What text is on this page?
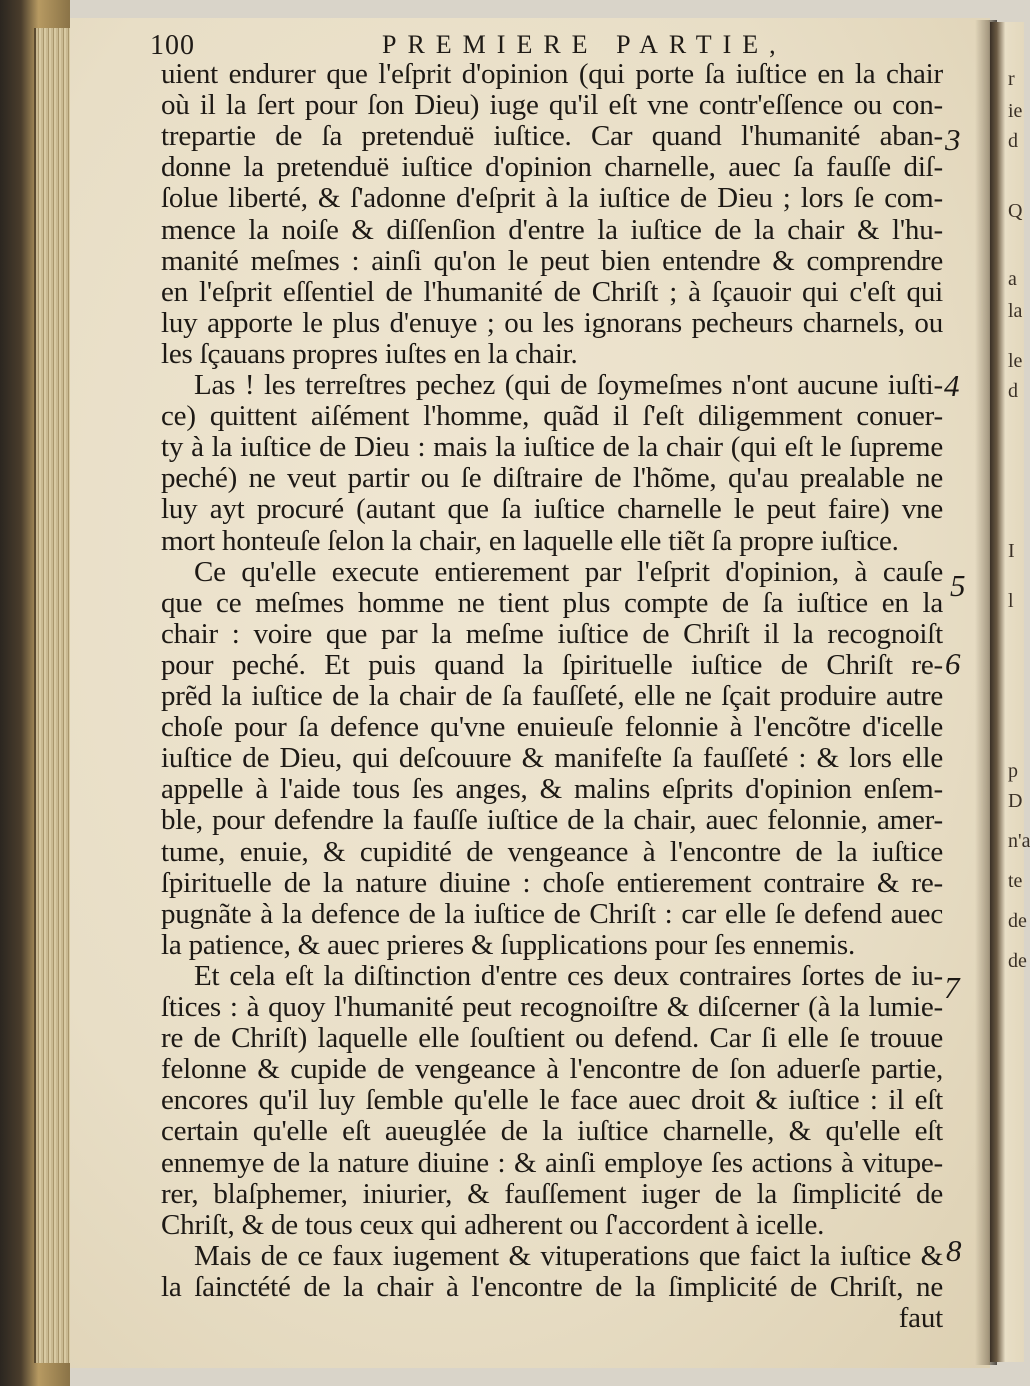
100	PREMIERE PARTIE,
uient endurer que l'eſprit d'opinion (qui porte ſa iuſtice en la chair
où il la ſert pour ſon Dieu) iuge qu'il eſt vne contr'eſſence ou con-
trepartie de ſa pretenduë iuſtice. Car quand l'humanité aban-
donne la pretenduë iuſtice d'opinion charnelle, auec ſa fauſſe diſ-
ſolue liberté, & ſ'adonne d'eſprit à la iuſtice de Dieu ; lors ſe com-
mence la noiſe & diſſenſion d'entre la iuſtice de la chair & l'hu-
manité meſmes : ainſi qu'on le peut bien entendre & comprendre
en l'eſprit eſſentiel de l'humanité de Chriſt ; à ſçauoir qui c'eſt qui
luy apporte le plus d'enuye ; ou les ignorans pecheurs charnels, ou
les ſçauans propres iuſtes en la chair.
Las ! les terreſtres pechez (qui de ſoymeſmes n'ont aucune iuſti-
ce) quittent aiſément l'homme, quãd il ſ'eſt diligemment conuer-
ty à la iuſtice de Dieu : mais la iuſtice de la chair (qui eſt le ſupreme
peché) ne veut partir ou ſe diſtraire de l'hõme, qu'au prealable ne
luy ayt procuré (autant que ſa iuſtice charnelle le peut faire) vne
mort honteuſe ſelon la chair, en laquelle elle tiẽt ſa propre iuſtice.
Ce qu'elle execute entierement par l'eſprit d'opinion, à cauſe
que ce meſmes homme ne tient plus compte de ſa iuſtice en la
chair : voire que par la meſme iuſtice de Chriſt il la recognoiſt
pour peché. Et puis quand la ſpirituelle iuſtice de Chriſt re-
prẽd la iuſtice de la chair de ſa fauſſeté, elle ne ſçait produire autre
choſe pour ſa defence qu'vne enuieuſe felonnie à l'encõtre d'icelle
iuſtice de Dieu, qui deſcouure & manifeſte ſa fauſſeté : & lors elle
appelle à l'aide tous ſes anges, & malins eſprits d'opinion enſem-
ble, pour defendre la fauſſe iuſtice de la chair, auec felonnie, amer-
tume, enuie, & cupidité de vengeance à l'encontre de la iuſtice
ſpirituelle de la nature diuine : choſe entierement contraire & re-
pugnãte à la defence de la iuſtice de Chriſt : car elle ſe defend auec
la patience, & auec prieres & ſupplications pour ſes ennemis.
Et cela eſt la diſtinction d'entre ces deux contraires ſortes de iu-
ſtices : à quoy l'humanité peut recognoiſtre & diſcerner (à la lumie-
re de Chriſt) laquelle elle ſouſtient ou defend. Car ſi elle ſe trouue
felonne & cupide de vengeance à l'encontre de ſon aduerſe partie,
encores qu'il luy ſemble qu'elle le face auec droit & iuſtice : il eſt
certain qu'elle eſt aueuglée de la iuſtice charnelle, & qu'elle eſt
ennemye de la nature diuine : & ainſi employe ſes actions à vitupe-
rer, blaſphemer, iniurier, & fauſſement iuger de la ſimplicité de
Chriſt, & de tous ceux qui adherent ou ſ'accordent à icelle.
Mais de ce faux iugement & vituperations que faict la iuſtice &
la ſainctété de la chair à l'encontre de la ſimplicité de Chriſt, ne
faut
3
4
5
6
7
8
r
ie
d
Q
a
la
le
d
I
l
p
D
n'a
te
de
de
